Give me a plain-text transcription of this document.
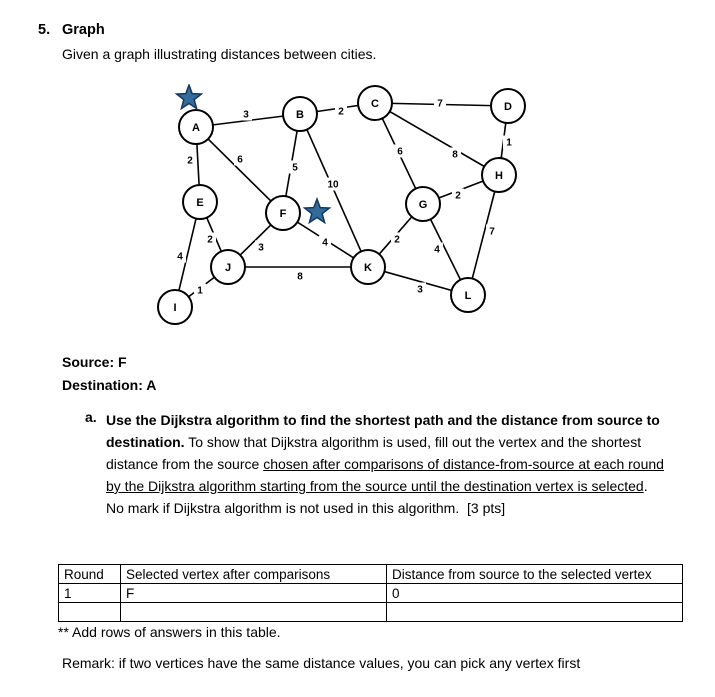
5. Graph
Given a graph illustrating distances between cities.
3	2
7
2	6
5
10
6	8
1
2
4
2
3	4	2
4
7
1
8
3
A
B
C	D
E
F
G
H
I
J	K
L
Source: F
Destination: A
a. Use the Dijkstra algorithm to find the shortest path and the distance from source to destination. To show that Dijkstra algorithm is used, fill out the vertex and the shortest distance from the source chosen after comparisons of distance-from-source at each round by the Dijkstra algorithm starting from the source until the destination vertex is selected. No mark if Dijkstra algorithm is not used in this algorithm.  [3 pts]
Round	Selected vertex after comparisons	Distance from source to the selected vertex
1	F	0

** Add rows of answers in this table.
Remark: if two vertices have the same distance values, you can pick any vertex first
